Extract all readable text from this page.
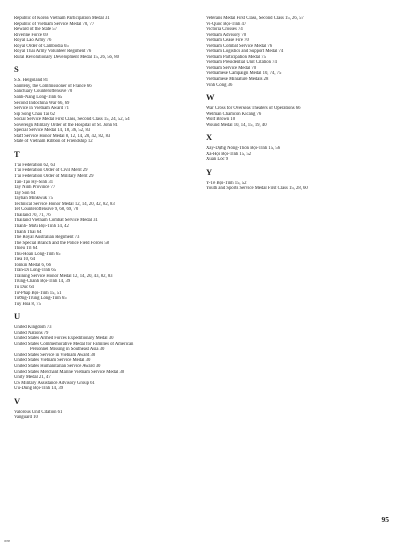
Republic of Korea Vietnam Participation Medal 31
Republic of Vietnam Service Medal 70, 77
Reward of the State 57
Riverine Force 69
Royal Lao Army 76
Royal Order of Cambodia 65
Royal Thai Army Volunteer Regiment 76
Rural Revolutionary Development Medal 15, 26, 56, 80
S
S.S. Helgoland 81
Sainteny, the Commissioner of France 66
Sanctuary Counteroffensive 70
Sanh-Nang Long-Tinh 65
Second Indochina War 66, 69
Service in Vietnam Award 71
Sip Song Chau Tai 62
Social Service Medal First Class, Second Class 15, 24, 52, 54
Sovereign Military Order of the Hospital of St. John 81
Special Service Medal 14, 18, 36, 52, 83
Staff Service Honor Medal 8, 12, 14, 20, 42, 82, 83
State of Vietnam Ribbon of Friendship 12
T
T'ai Federation 62, 63
T'ai Federation Order of Civil Merit 29
T'ai Federation Order of Military Merit 29
Tân-Tạo Hy-Sinh 31
Tay Ninh Province 77
Tay Son 64
Tayhan Minkwuk 75
Technical Service Honor Medal 12, 14, 20, 42, 82, 83
Tet Counteroffensive 9, 68, 69, 70
Thailand 70, 71, 76
Thailand Vietnam Combat Service Medal 31
Thanh- Mưu Bội-Tinh 14, 42
Thanh Thai 64
The Royal Australian Regiment 73
The Special Branch and the Police Field Forces 58
Thieu Tri 64
Thu-Hoan Long-Tinh 65
Tiea 10, 64
Tonkin Medal 6, 66
Trấn-Di Long-Tinh 65
Training Service Honor Medal 12, 14, 20, 43, 82, 83
Trung-Chánh Bội-Tinh 14, 39
Tu Duc 64
Tư-Pháp Bội-Tinh 15, 51
Tưởng-Trung Long-Tinh 65
Tuy Hoa 8, 75
U
United Kingdom 73
United Nations 79
United States Armed Forces Expeditionary Medal 30
United States Commemorative Medal for Families of American
Personnel Missing in Southeast Asia 30
United States Service in Vietnam Award 30
United States Vietnam Service Medal 30
United States Humanitarian Service Award 30
United States Merchant Marine Vietnam Service Medal 30
Unity Medal 21, 47
US Military Assistance Advisory Group 61
Ưu-Dũng Bội-Tinh 14, 39
V
Valorous Unit Citation 61
Vanguard 10
Veterans Medal First Class, Second Class 15, 26, 57
Vi-Quốc Bội-Tinh 47
Victoria Crosses 74
Vietnam Advisory 70
Vietnam Cease Fire 70
Vietnam Combat Service Medal 76
Vietnam Logistics and Support Medal 74
Vietnam Participation Medal 75
Vietnam Presidential Unit Citation 74
Vietnam Service Medal 70
Vietnamese Campaign Medal 10, 74, 75
Vietnamese Miniature Medals 28
Vinh Cōng 36
W
War Cross for Overseas Theaters of Operations 66
Welman Chamcon Kicang 76
Wolf Brown 10
Wound Medal 10, 14, 15, 19, 40
X
Xây-Dựng Nông-Thôn Bội-Tinh 15, 56
Xã-Hội Bội-Tinh 15, 52
Xuan Loc 9
Y
Y-Tế Bội-Tinh 15, 52
Youth and Sports Service Medal First Class 15, 28, 60
95
0088
